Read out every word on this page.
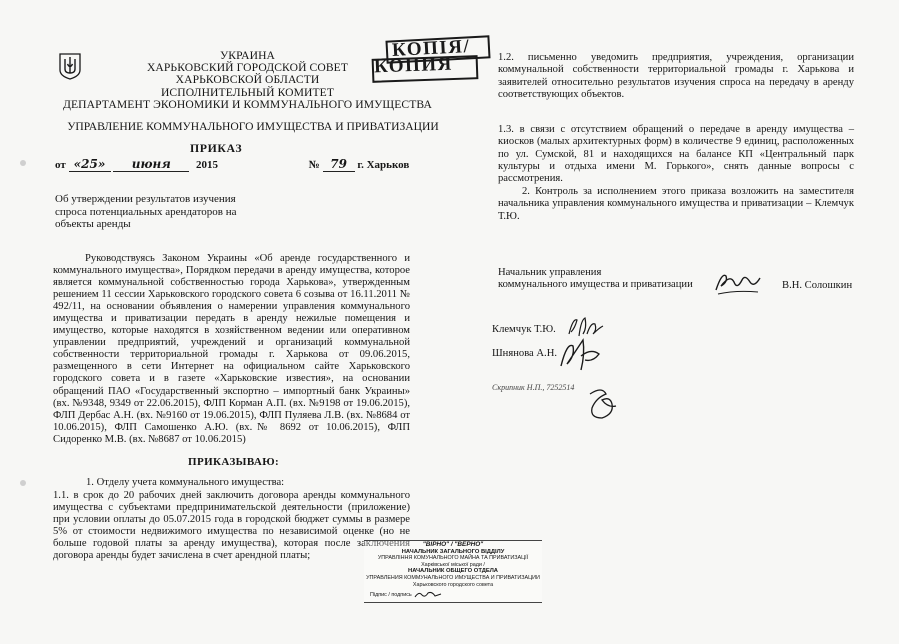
УКРАИНА
ХАРЬКОВСКИЙ ГОРОДСКОЙ СОВЕТ
ХАРЬКОВСКОЙ ОБЛАСТИ
ИСПОЛНИТЕЛЬНЫЙ КОМИТЕТ
ДЕПАРТАМЕНТ ЭКОНОМИКИ И КОММУНАЛЬНОГО ИМУЩЕСТВА
УПРАВЛЕНИЕ КОММУНАЛЬНОГО ИМУЩЕСТВА И ПРИВАТИЗАЦИИ
ПРИКАЗ
от «25» июня 2015	№ 79 г. Харьков
КОПІЯ/
КОПИЯ
Об утверждении результатов изучения спроса потенциальных арендаторов на объекты аренды

Руководствуясь Законом Украины «Об аренде государственного и коммунального имущества», Порядком передачи в аренду имущества, которое является коммунальной собственностью города Харькова», утвержденным решением 11 сессии Харьковского городского совета 6 созыва от 16.11.2011 № 492/11, на основании объявления о намерении управления коммунального имущества и приватизации передать в аренду нежилые помещения и имущество, которые находятся в хозяйственном ведении или оперативном управлении предприятий, учреждений и организаций коммунальной собственности территориальной громады г. Харькова от 09.06.2015, размещенного в сети Интернет на официальном сайте Харьковского городского совета и в газете «Харьковские известия», на основании обращений ПАО «Государственный экспортно – импортный банк Украины» (вх. №9348, 9349 от 22.06.2015), ФЛП Корман А.П. (вх. №9198 от 19.06.2015), ФЛП Дербас А.Н. (вх. №9160 от 19.06.2015), ФЛП Пуляева Л.В. (вх. №8684 от 10.06.2015), ФЛП Самошенко А.Ю. (вх.№ 8692 от 10.06.2015), ФЛП Сидоренко М.В. (вх. №8687 от 10.06.2015)

ПРИКАЗЫВАЮ:
1. Отделу учета коммунального имущества:

1.1. в срок до 20 рабочих дней заключить договора аренды коммунального имущества с субъектами предпринимательской деятельности (приложение) при условии оплаты до 05.07.2015 года в городской бюджет суммы в размере 5% от стоимости недвижимого имущества по независимой оценке (но не больше годовой платы за аренду имущества), которая после заключения договора аренды будет зачислена в счет арендной платы;

1.2. письменно уведомить предприятия, учреждения, организации коммунальной собственности территориальной громады г. Харькова и заявителей относительно результатов изучения спроса на передачу в аренду соответствующих объектов.
1.3. в связи с отсутствием обращений о передаче в аренду имущества – киосков (малых архитектурных форм) в количестве 9 единиц, расположенных по ул. Сумской, 81 и находящихся на балансе КП «Центральный парк культуры и отдыха имени М. Горького», снять данные вопросы с рассмотрения.

2. Контроль за исполнением этого приказа возложить на заместителя начальника управления коммунального имущества и приватизации – Клемчук Т.Ю.

Начальник управления
коммунального имущества и приватизации	В.Н. Солошкин
Клемчук Т.Ю.
Шнянова А.Н.
Скрипник Н.П., 7252514
"ВІРНО" / "ВЕРНО"
НАЧАЛЬНИК ЗАГАЛЬНОГО ВІДДІЛУ
УПРАВЛІННЯ КОМУНАЛЬНОГО МАЙНА ТА ПРИВАТИЗАЦІЇ
Харківської міської ради /
НАЧАЛЬНИК ОБЩЕГО ОТДЕЛА
УПРАВЛЕНИЯ КОММУНАЛЬНОГО ИМУЩЕСТВА И ПРИВАТИЗАЦИИ
Харьковского городского совета
Підпис / подпись
